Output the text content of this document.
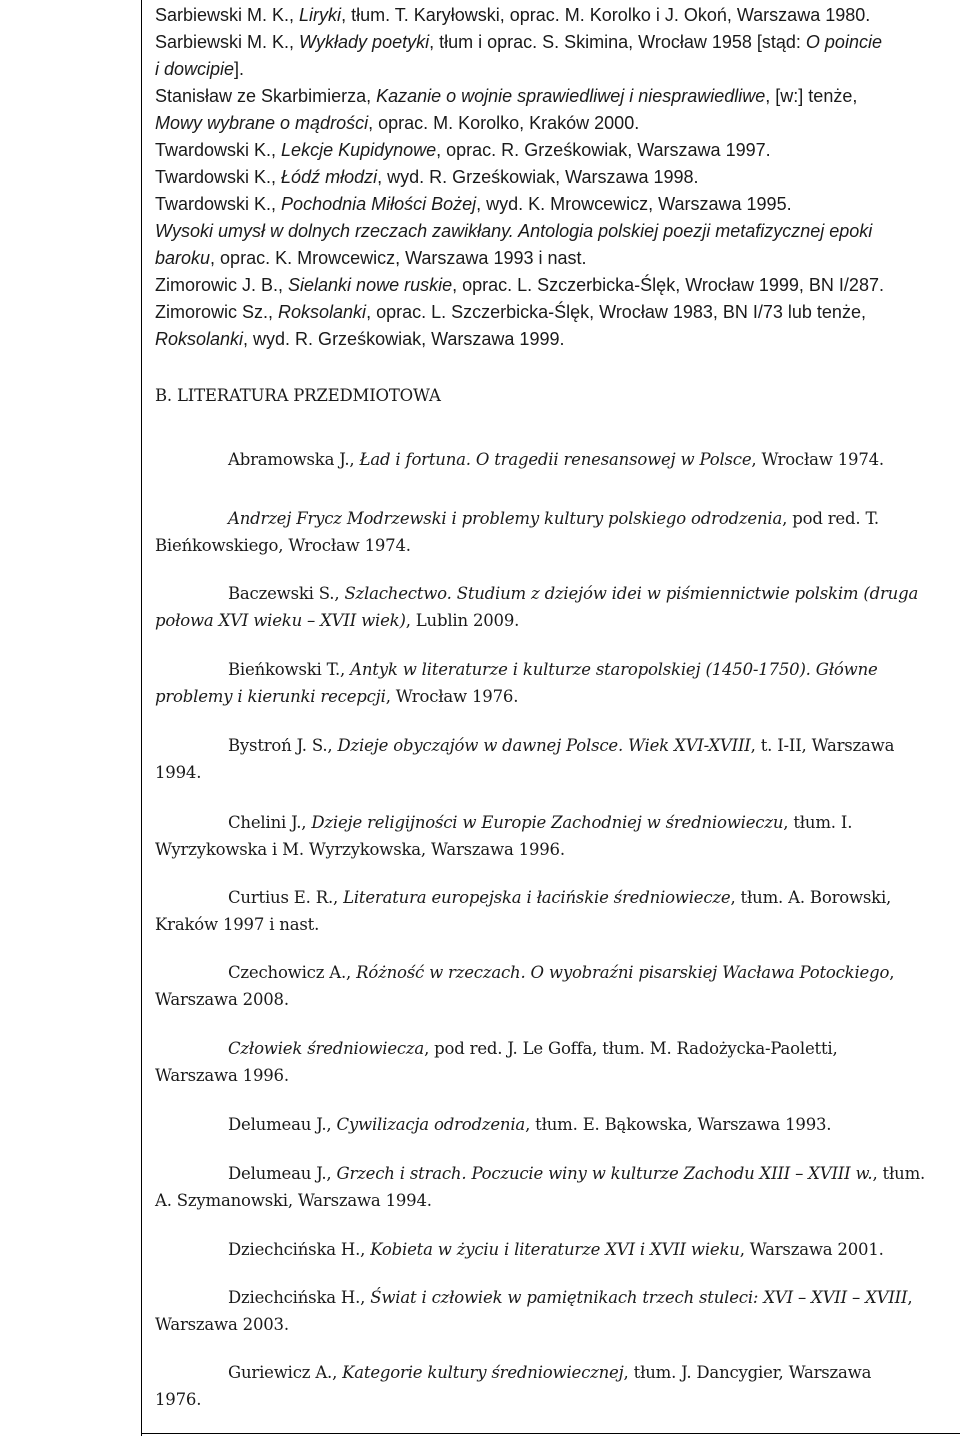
Sarbiewski M. K., Liryki, tłum. T. Karyłowski, oprac. M. Korolko i J. Okoń, Warszawa 1980.
Sarbiewski M. K., Wykłady poetyki, tłum i oprac. S. Skimina, Wrocław 1958 [stąd: O poincie
i dowcipie].
Stanisław ze Skarbimierza, Kazanie o wojnie sprawiedliwej i niesprawiedliwe, [w:] tenże,
Mowy wybrane o mądrości, oprac. M. Korolko, Kraków 2000.
Twardowski K., Lekcje Kupidynowe, oprac. R. Grześkowiak, Warszawa 1997.
Twardowski K., Łódź młodzi, wyd. R. Grześkowiak, Warszawa 1998.
Twardowski K., Pochodnia Miłości Bożej, wyd. K. Mrowcewicz, Warszawa 1995.
Wysoki umysł w dolnych rzeczach zawikłany. Antologia polskiej poezji metafizycznej epoki
baroku, oprac. K. Mrowcewicz, Warszawa 1993 i nast.
Zimorowic J. B., Sielanki nowe ruskie, oprac. L. Szczerbicka-Ślęk, Wrocław 1999, BN I/287.
Zimorowic Sz., Roksolanki, oprac. L. Szczerbicka-Ślęk, Wrocław 1983, BN I/73 lub tenże,
Roksolanki, wyd. R. Grześkowiak, Warszawa 1999.
B. LITERATURA PRZEDMIOTOWA
Abramowska J., Ład i fortuna. O tragedii renesansowej w Polsce, Wrocław 1974.
Andrzej Frycz Modrzewski i problemy kultury polskiego odrodzenia, pod red. T.
Bieńkowskiego, Wrocław 1974.
Baczewski S., Szlachectwo. Studium z dziejów idei w piśmiennictwie polskim (druga
połowa XVI wieku – XVII wiek), Lublin 2009.
Bieńkowski T., Antyk w literaturze i kulturze staropolskiej (1450-1750). Główne
problemy i kierunki recepcji, Wrocław 1976.
Bystroń J. S., Dzieje obyczajów w dawnej Polsce. Wiek XVI-XVIII, t. I-II, Warszawa
1994.
Chelini J., Dzieje religijności w Europie Zachodniej w średniowieczu, tłum. I.
Wyrzykowska i M. Wyrzykowska, Warszawa 1996.
Curtius E. R., Literatura europejska i łacińskie średniowiecze, tłum. A. Borowski,
Kraków 1997 i nast.
Czechowicz A., Różność w rzeczach. O wyobraźni pisarskiej Wacława Potockiego,
Warszawa 2008.
Człowiek średniowiecza, pod red. J. Le Goffa, tłum. M. Radożycka-Paoletti,
Warszawa 1996.
Delumeau J., Cywilizacja odrodzenia, tłum. E. Bąkowska, Warszawa 1993.
Delumeau J., Grzech i strach. Poczucie winy w kulturze Zachodu XIII – XVIII w., tłum.
A. Szymanowski, Warszawa 1994.
Dziechcińska H., Kobieta w życiu i literaturze XVI i XVII wieku, Warszawa 2001.
Dziechcińska H., Świat i człowiek w pamiętnikach trzech stuleci: XVI – XVII – XVIII,
Warszawa 2003.
Guriewicz A., Kategorie kultury średniowiecznej, tłum. J. Dancygier, Warszawa
1976.
